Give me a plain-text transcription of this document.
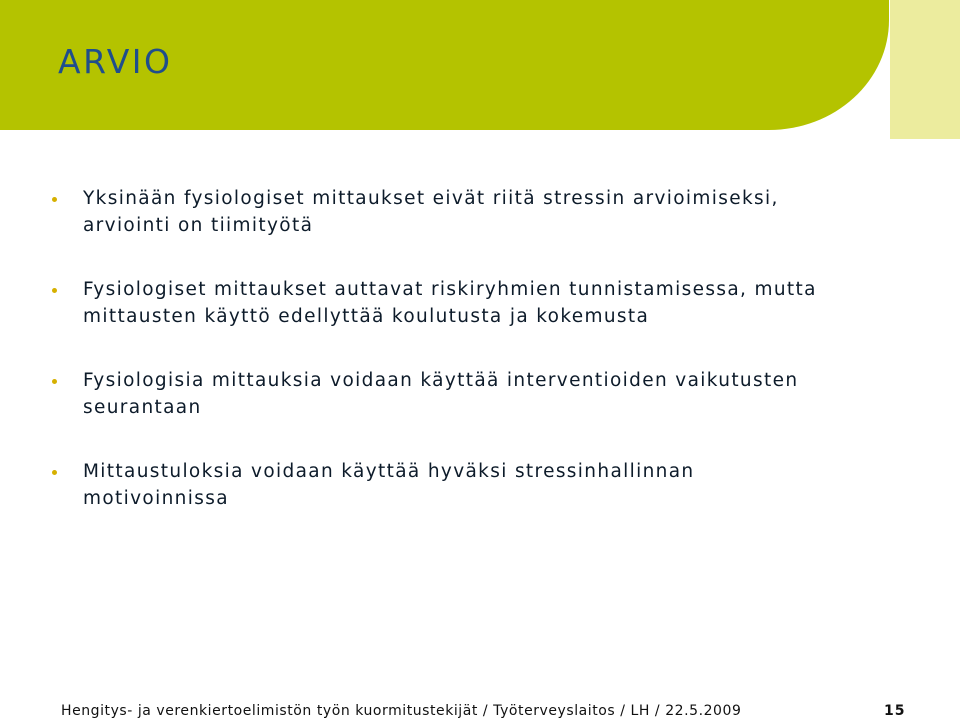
ARVIO
Yksinään fysiologiset mittaukset eivät riitä stressin arvioimiseksi,
arviointi on tiimityötä
Fysiologiset mittaukset auttavat riskiryhmien tunnistamisessa, mutta
mittausten käyttö edellyttää koulutusta ja kokemusta
Fysiologisia mittauksia voidaan käyttää interventioiden vaikutusten
seurantaan
Mittaustuloksia voidaan käyttää hyväksi stressinhallinnan
motivoinnissa
Hengitys- ja verenkiertoelimistön työn kuormitustekijät / Työterveyslaitos / LH / 22.5.2009	15
